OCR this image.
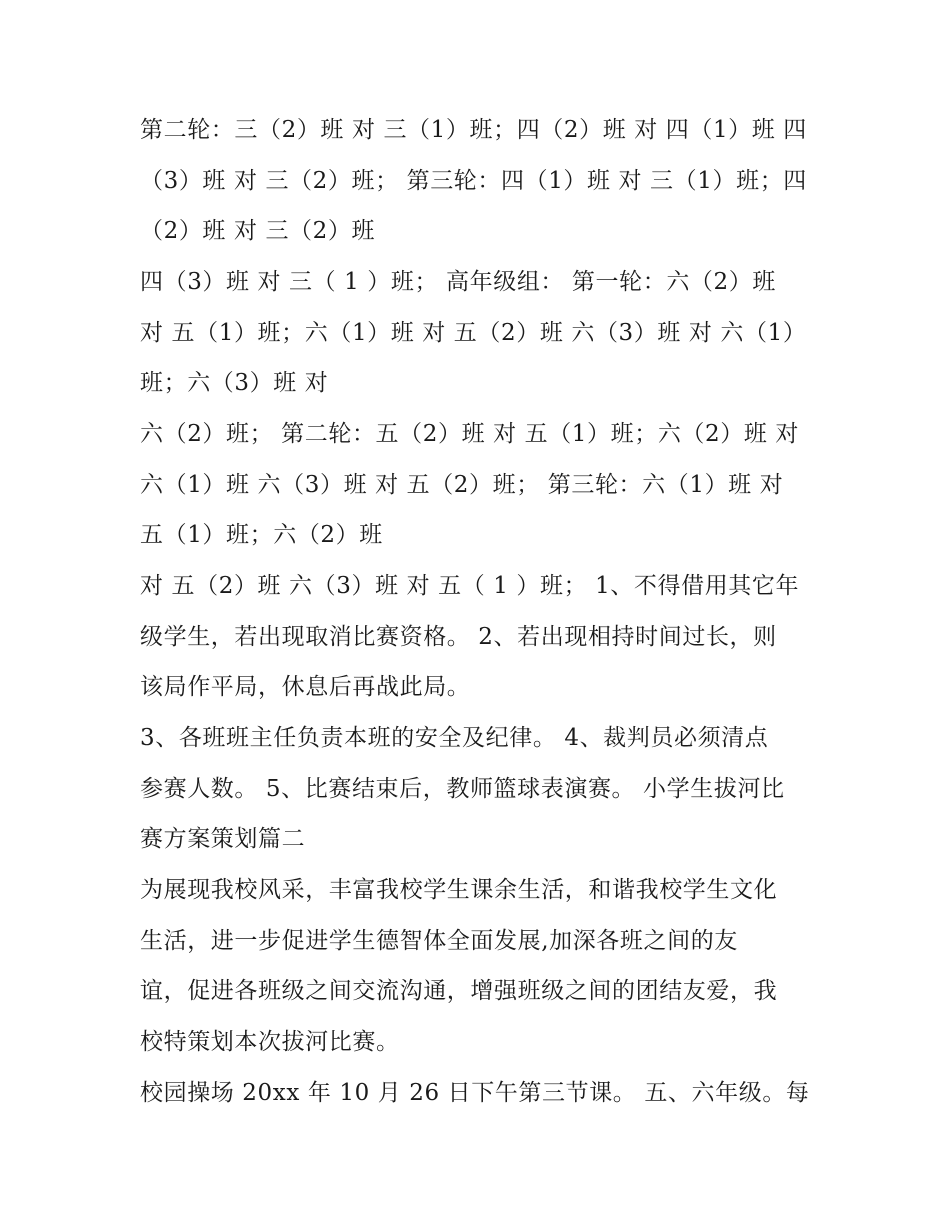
第二轮：三（2）班 对 三（1）班；四（2）班 对 四（1）班 四
（3）班 对 三（2）班； 第三轮：四（1）班 对 三（1）班；四
（2）班 对 三（2）班
四（3）班 对 三（ 1 ）班； 高年级组： 第一轮：六（2）班
对 五（1）班；六（1）班 对 五（2）班 六（3）班 对 六（1）
班；六（3）班 对
六（2）班； 第二轮：五（2）班 对 五（1）班；六（2）班 对
六（1）班 六（3）班 对 五（2）班； 第三轮：六（1）班 对
五（1）班；六（2）班
对 五（2）班 六（3）班 对 五（ 1 ）班； 1、不得借用其它年
级学生，若出现取消比赛资格。 2、若出现相持时间过长，则
该局作平局，休息后再战此局。
3、各班班主任负责本班的安全及纪律。 4、裁判员必须清点
参赛人数。 5、比赛结束后，教师篮球表演赛。 小学生拔河比
赛方案策划篇二
为展现我校风采，丰富我校学生课余生活，和谐我校学生文化
生活，进一步促进学生德智体全面发展,加深各班之间的友
谊，促进各班级之间交流沟通，增强班级之间的团结友爱，我
校特策划本次拔河比赛。
校园操场 20xx 年 10 月 26 日下午第三节课。 五、六年级。每
